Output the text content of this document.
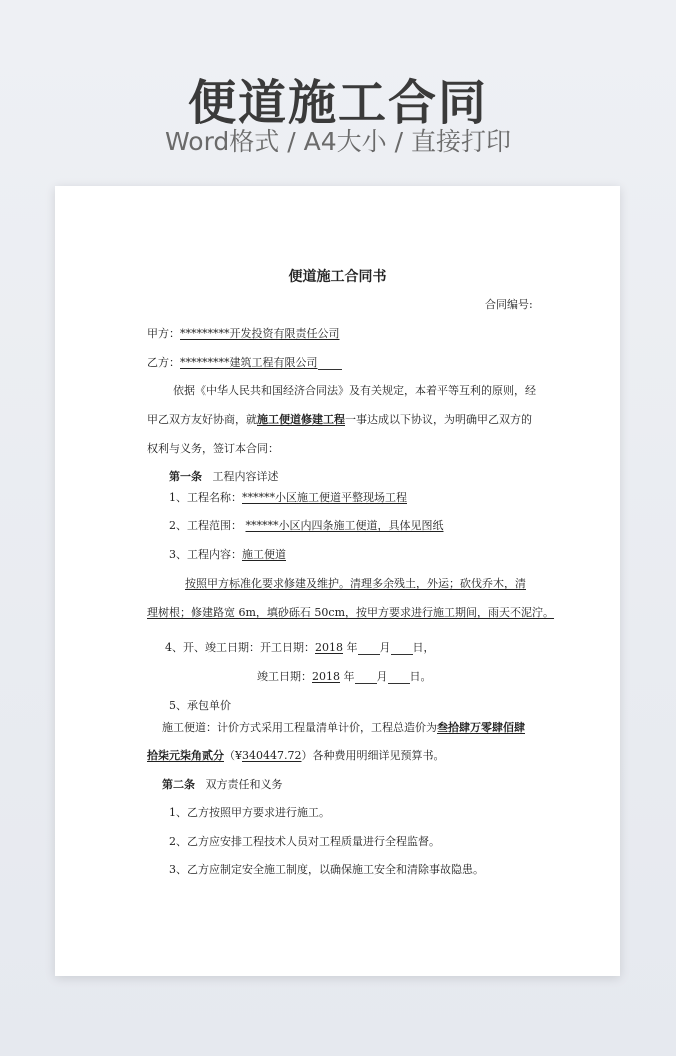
便道施工合同
Word格式 / A4大小 / 直接打印
便道施工合同书
合同编号:
甲方：*********开发投资有限责任公司
乙方：*********建筑工程有限公司
依据《中华人民共和国经济合同法》及有关规定，本着平等互利的原则，经
甲乙双方友好协商，就施工便道修建工程一事达成以下协议，为明确甲乙双方的
权利与义务，签订本合同：
第一条 工程内容详述
1、工程名称：******小区施工便道平整现场工程
2、工程范围： ******小区内四条施工便道，具体见图纸
3、工程内容：施工便道
按照甲方标准化要求修建及维护。清理多余残土，外运；砍伐乔木，清
理树根；修建路宽 6m，填砂砾石 50cm，按甲方要求进行施工期间，雨天不泥泞。
4、开、竣工日期：开工日期：2018 年 月 日，
竣工日期：2018 年 月 日。
5、承包单价
施工便道：计价方式采用工程量清单计价，工程总造价为叁拾肆万零肆佰肆
拾柒元柒角贰分（¥340447.72）各种费用明细详见预算书。
第二条 双方责任和义务
1、乙方按照甲方要求进行施工。
2、乙方应安排工程技术人员对工程质量进行全程监督。
3、乙方应制定安全施工制度，以确保施工安全和清除事故隐患。
